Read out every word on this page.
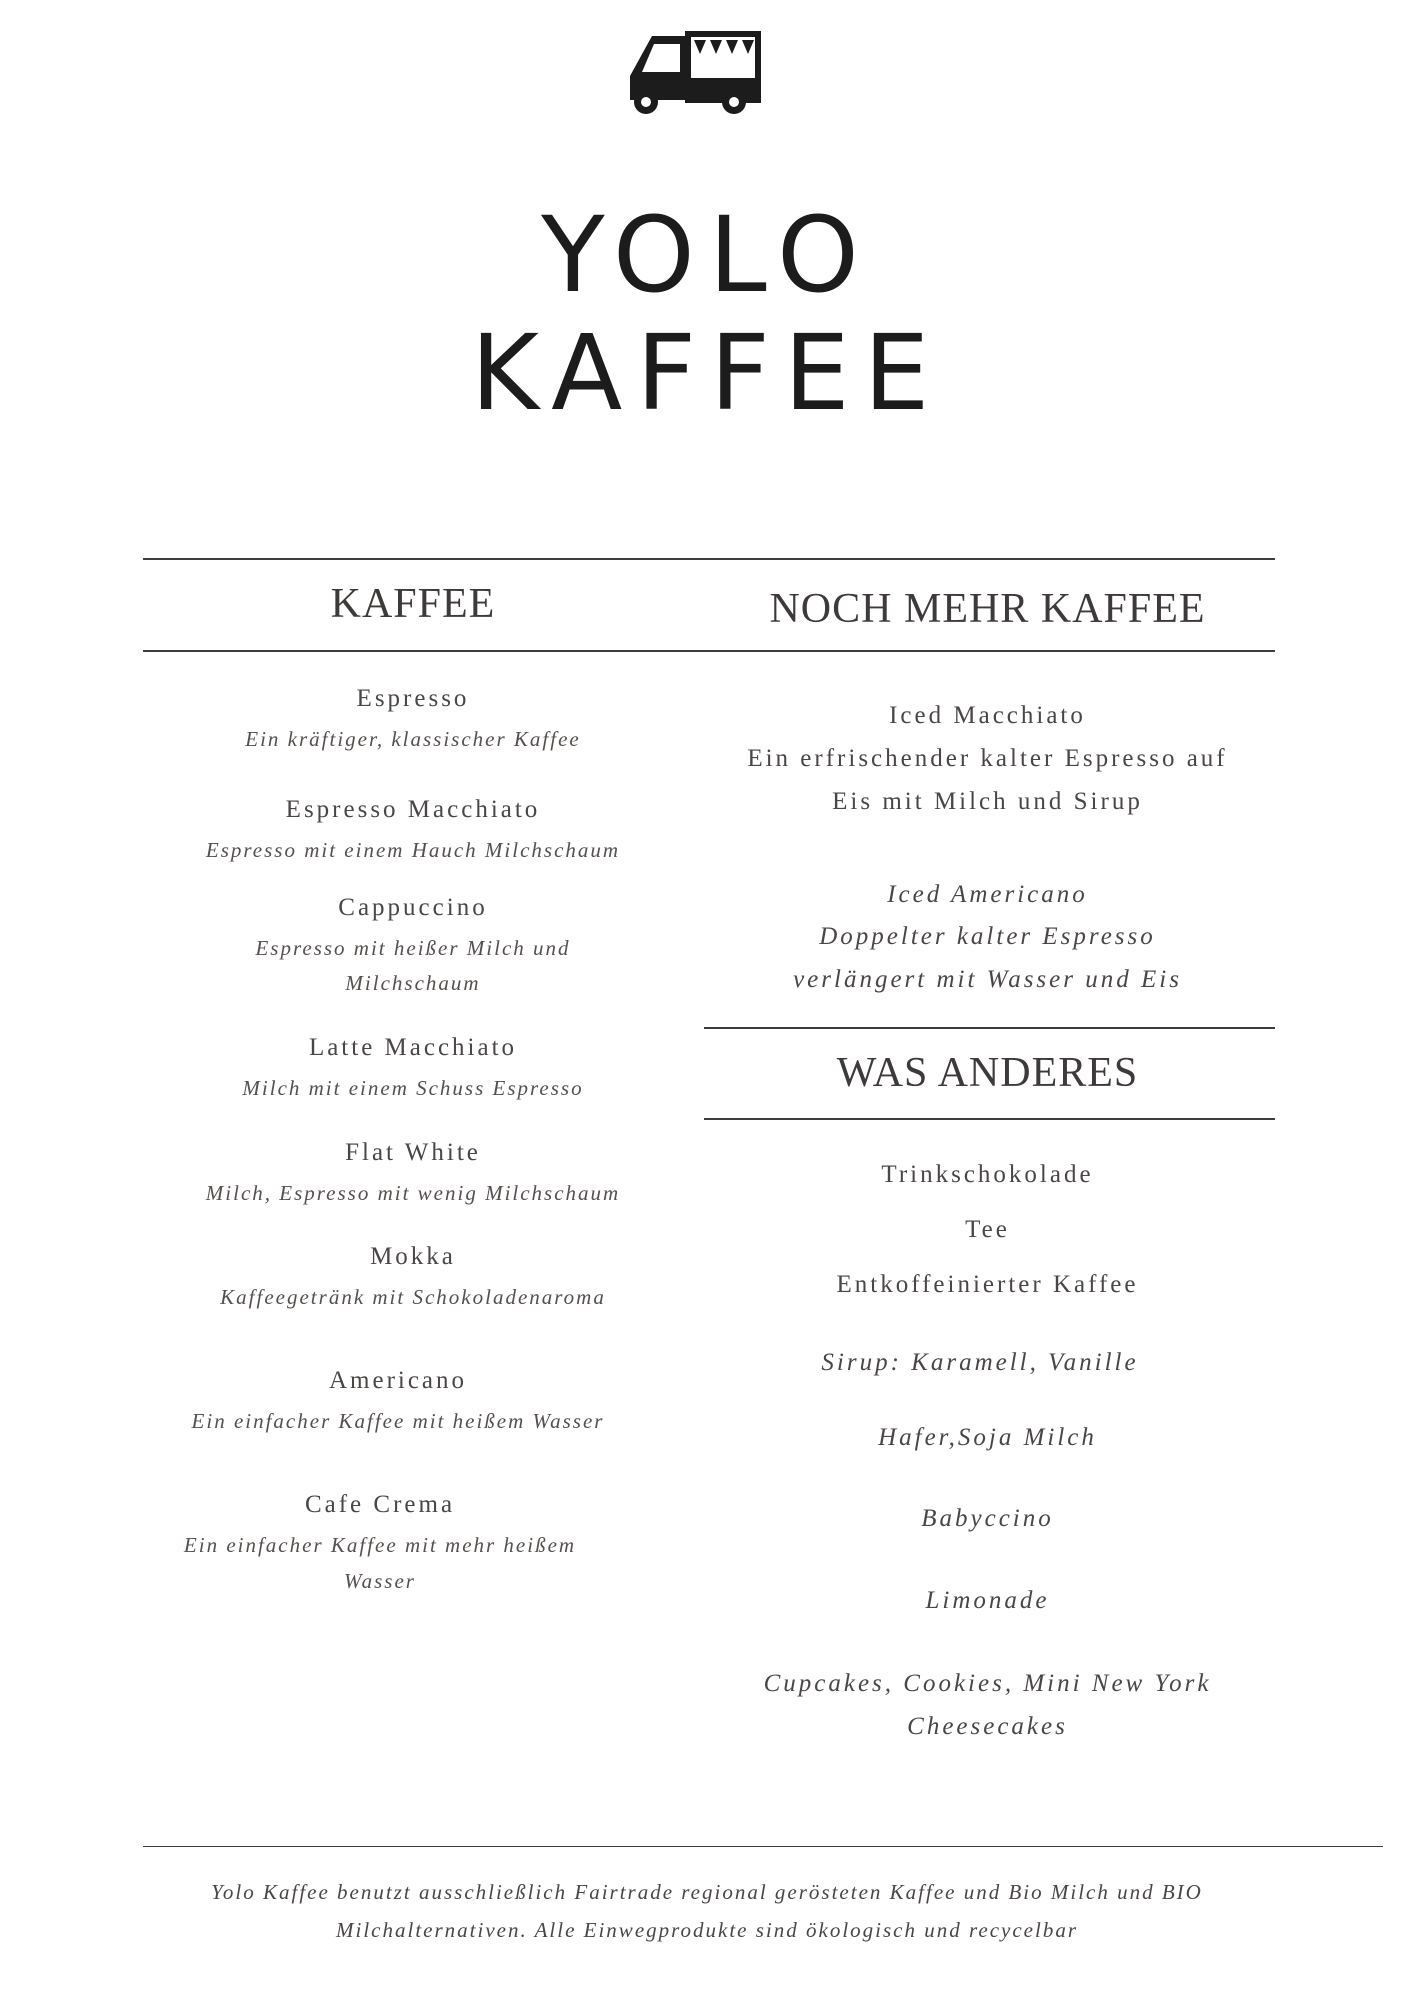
YOLO
KAFFEE
KAFFEE	NOCH MEHR KAFFEE
Espresso
Ein kräftiger, klassischer Kaffee
Espresso Macchiato
Espresso mit einem Hauch Milchschaum
Cappuccino
Espresso mit heißer Milch und
Milchschaum
Latte Macchiato
Milch mit einem Schuss Espresso
Flat White
Milch, Espresso mit wenig Milchschaum
Mokka
Kaffeegetränk mit Schokoladenaroma
Americano
Ein einfacher Kaffee mit heißem Wasser
Cafe Crema
Ein einfacher Kaffee mit mehr heißem
Wasser
Iced Macchiato
Ein erfrischender kalter Espresso auf
Eis mit Milch und Sirup
Iced Americano
Doppelter kalter Espresso
verlängert mit Wasser und Eis
WAS ANDERES
Trinkschokolade
Tee
Entkoffeinierter Kaffee
Sirup: Karamell, Vanille
Hafer,Soja Milch
Babyccino
Limonade
Cupcakes, Cookies, Mini New York
Cheesecakes
Yolo Kaffee benutzt ausschließlich Fairtrade regional gerösteten Kaffee und Bio Milch und BIO
Milchalternativen. Alle Einwegprodukte sind ökologisch und recycelbar
